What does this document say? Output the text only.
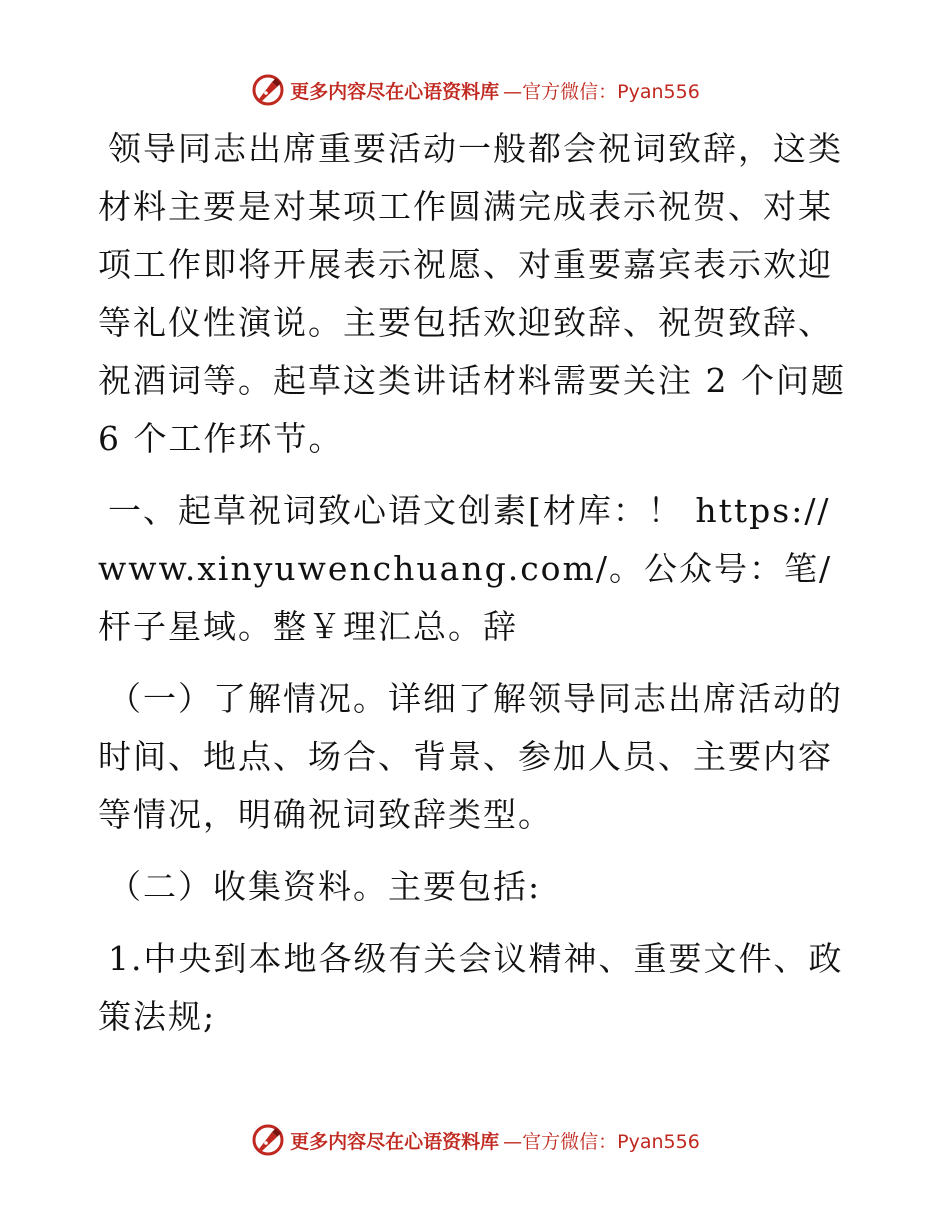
更多内容尽在心语资料库 —官方微信：Pyan556

领导同志出席重要活动一般都会祝词致辞，这类材料主要是对某项工作圆满完成表示祝贺、对某项工作即将开展表示祝愿、对重要嘉宾表示欢迎等礼仪性演说。主要包括欢迎致辞、祝贺致辞、祝酒词等。起草这类讲话材料需要关注 2 个问题 6 个工作环节。

一、起草祝词致心语文创素[材库：！ https://www.xinyuwenchuang.com/。公众号：笔/杆子星域。整￥理汇总。辞

（一）了解情况。详细了解领导同志出席活动的时间、地点、场合、背景、参加人员、主要内容等情况，明确祝词致辞类型。

（二）收集资料。主要包括:

1.中央到本地各级有关会议精神、重要文件、政策法规;

更多内容尽在心语资料库 —官方微信：Pyan556
